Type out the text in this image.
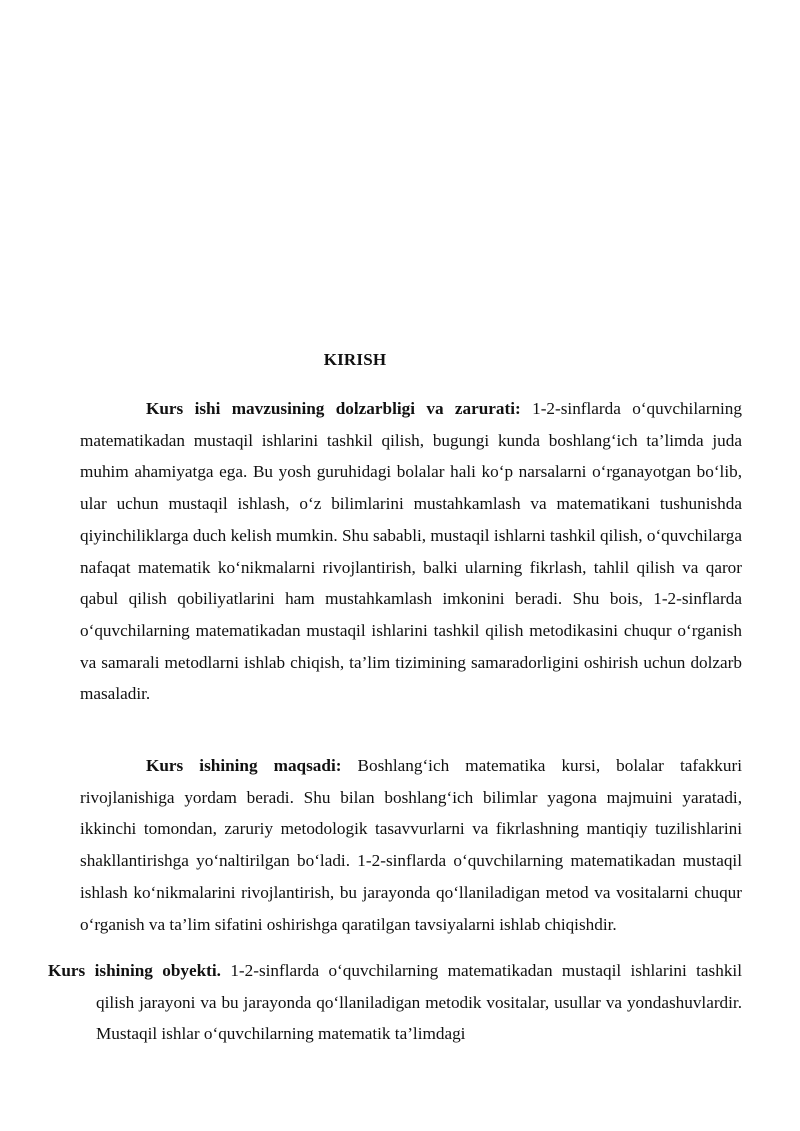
KIRISH

Kurs ishi mavzusining dolzarbligi va zarurati: 1-2-sinflarda o‘quvchilarning matematikadan mustaqil ishlarini tashkil qilish, bugungi kunda boshlang‘ich ta’limda juda muhim ahamiyatga ega. Bu yosh guruhidagi bolalar hali ko‘p narsalarni o‘rganayotgan bo‘lib, ular uchun mustaqil ishlash, o‘z bilimlarini mustahkamlash va matematikani tushunishda qiyinchiliklarga duch kelish mumkin. Shu sababli, mustaqil ishlarni tashkil qilish, o‘quvchilarga nafaqat matematik ko‘nikmalarni rivojlantirish, balki ularning fikrlash, tahlil qilish va qaror qabul qilish qobiliyatlarini ham mustahkamlash imkonini beradi. Shu bois, 1-2-sinflarda o‘quvchilarning matematikadan mustaqil ishlarini tashkil qilish metodikasini chuqur o‘rganish va samarali metodlarni ishlab chiqish, ta’lim tizimining samaradorligini oshirish uchun dolzarb masaladir.

Kurs ishining maqsadi: Boshlang‘ich matematika kursi, bolalar tafakkuri rivojlanishiga yordam beradi. Shu bilan boshlang‘ich bilimlar yagona majmuini yaratadi, ikkinchi tomondan, zaruriy metodologik tasavvurlarni va fikrlashning mantiqiy tuzilishlarini shakllantirishga yo‘naltirilgan bo‘ladi. 1-2-sinflarda o‘quvchilarning matematikadan mustaqil ishlash ko‘nikmalarini rivojlantirish, bu jarayonda qo‘llaniladigan metod va vositalarni chuqur o‘rganish va ta’lim sifatini oshirishga qaratilgan tavsiyalarni ishlab chiqishdir.

Kurs ishining obyekti. 1-2-sinflarda o‘quvchilarning matematikadan mustaqil ishlarini tashkil qilish jarayoni va bu jarayonda qo‘llaniladigan metodik vositalar, usullar va yondashuvlardir. Mustaqil ishlar o‘quvchilarning matematik ta’limdagi
